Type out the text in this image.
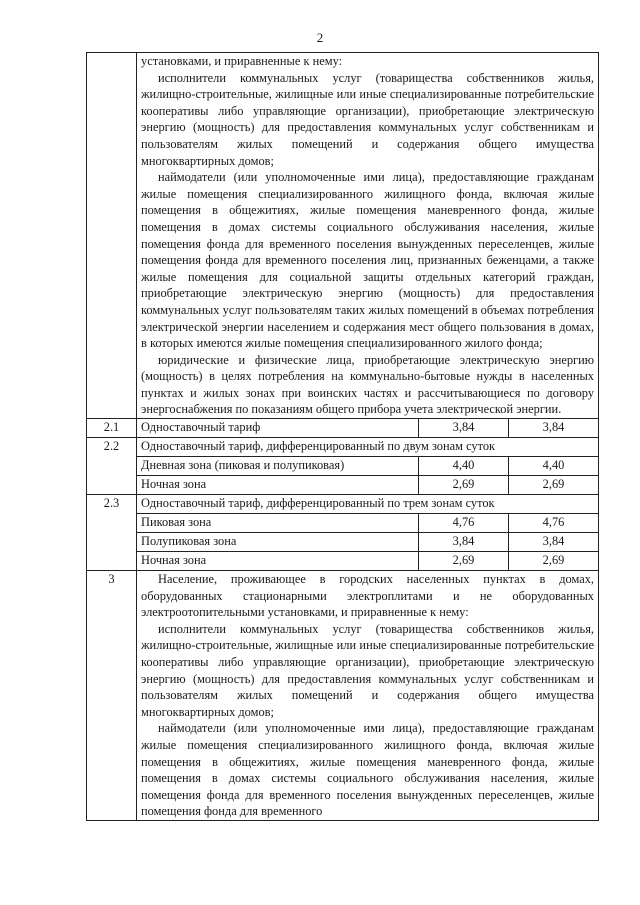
2

	установками, и приравненные к нему:
исполнители коммунальных услуг (товарищества собственников жилья, жилищно-строительные, жилищные или иные специализированные потребительские кооперативы либо управляющие организации), приобретающие электрическую энергию (мощность) для предоставления коммунальных услуг собственникам и пользователям жилых помещений и содержания общего имущества многоквартирных домов;
наймодатели (или уполномоченные ими лица), предоставляющие гражданам жилые помещения специализированного жилищного фонда, включая жилые помещения в общежитиях, жилые помещения маневренного фонда, жилые помещения в домах системы социального обслуживания населения, жилые помещения фонда для временного поселения вынужденных переселенцев, жилые помещения фонда для временного поселения лиц, признанных беженцами, а также жилые помещения для социальной защиты отдельных категорий граждан, приобретающие электрическую энергию (мощность) для предоставления коммунальных услуг пользователям таких жилых помещений в объемах потребления электрической энергии населением и содержания мест общего пользования в домах, в которых имеются жилые помещения специализированного жилого фонда;
юридические и физические лица, приобретающие электрическую энергию (мощность) в целях потребления на коммунально-бытовые нужды в населенных пунктах и жилых зонах при воинских частях и рассчитывающиеся по договору энергоснабжения по показаниям общего прибора учета электрической энергии.		

2.1	Одноставочный тариф	3,84	3,84
2.2	Одноставочный тариф, дифференцированный по двум зонам суток		
	Дневная зона (пиковая и полупиковая)	4,40	4,40
	Ночная зона	2,69	2,69
2.3	Одноставочный тариф, дифференцированный по трем зонам суток		
	Пиковая зона	4,76	4,76
	Полупиковая зона	3,84	3,84
	Ночная зона	2,69	2,69
3	Население, проживающее в городских населенных пунктах в домах, оборудованных стационарными электроплитами и не оборудованных электроотопительными установками, и приравненные к нему:
исполнители коммунальных услуг (товарищества собственников жилья, жилищно-строительные, жилищные или иные специализированные потребительские кооперативы либо управляющие организации), приобретающие электрическую энергию (мощность) для предоставления коммунальных услуг собственникам и пользователям жилых помещений и содержания общего имущества многоквартирных домов;
наймодатели (или уполномоченные ими лица), предоставляющие гражданам жилые помещения специализированного жилищного фонда, включая жилые помещения в общежитиях, жилые помещения маневренного фонда, жилые помещения в домах системы социального обслуживания населения, жилые помещения фонда для временного поселения вынужденных переселенцев, жилые помещения фонда для временного		
